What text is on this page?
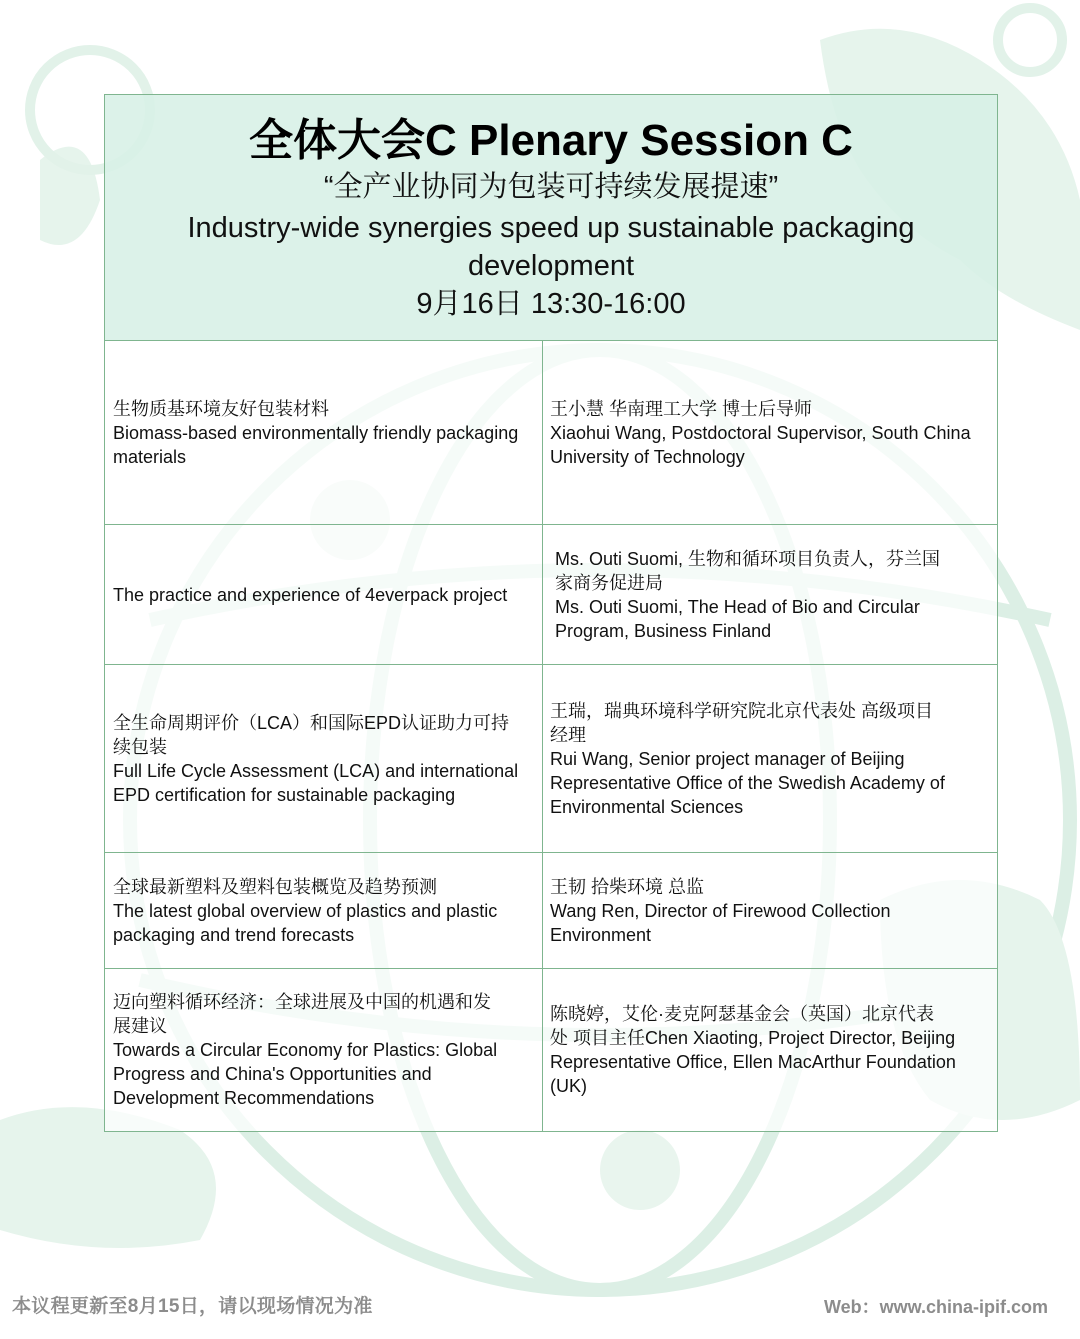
全体大会C Plenary Session C
“全产业协同为包装可持续发展提速”
Industry-wide synergies speed up sustainable packaging development
9月16日 13:30-16:00
生物质基环境友好包装材料
Biomass-based environmentally friendly packaging
materials
王小慧 华南理工大学 博士后导师
Xiaohui Wang, Postdoctoral Supervisor, South China
University of Technology
The practice and experience of 4everpack project
Ms. Outi Suomi, 生物和循环项目负责人，芬兰国
家商务促进局
Ms. Outi Suomi, The Head of Bio and Circular
Program, Business Finland
全生命周期评价（LCA）和国际EPD认证助力可持
续包装
Full Life Cycle Assessment (LCA) and international
EPD certification for sustainable packaging
王瑞，瑞典环境科学研究院北京代表处 高级项目
经理
Rui Wang, Senior project manager of Beijing
Representative Office of the Swedish Academy of
Environmental Sciences
全球最新塑料及塑料包装概览及趋势预测
The latest global overview of plastics and plastic
packaging and trend forecasts
王韧 拾柴环境 总监
Wang Ren, Director of Firewood Collection
Environment
迈向塑料循环经济：全球进展及中国的机遇和发
展建议
Towards a Circular Economy for Plastics: Global
Progress and China's Opportunities and
Development Recommendations
陈晓婷，艾伦·麦克阿瑟基金会（英国）北京代表
处 项目主任Chen Xiaoting, Project Director, Beijing
Representative Office, Ellen MacArthur Foundation
(UK)
本议程更新至8月15日，请以现场情况为准	Web：www.china-ipif.com
